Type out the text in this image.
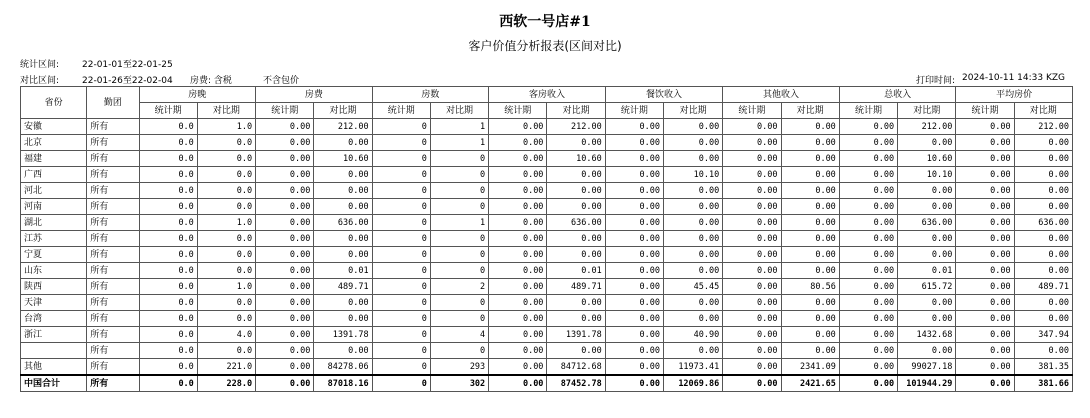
西软一号店#1
客户价值分析报表(区间对比)
统计区间:	22-01-01至22-01-25
对比区间:	22-01-26至22-02-04 房费: 含税	不含包价	打印时间: 2024-10-11 14:33 KZG
省份	勤团	房晚		房费		房数		客房收入		餐饮收入		其他收入		总收入		平均房价	
		统计期	对比期	统计期	对比期	统计期	对比期	统计期	对比期	统计期	对比期	统计期	对比期	统计期	对比期	统计期	对比期
安徽	所有	0.0	1.0	0.00	212.00	0	1	0.00	212.00	0.00	0.00	0.00	0.00	0.00	212.00	0.00	212.00
北京	所有	0.0	0.0	0.00	0.00	0	1	0.00	0.00	0.00	0.00	0.00	0.00	0.00	0.00	0.00	0.00
福建	所有	0.0	0.0	0.00	10.60	0	0	0.00	10.60	0.00	0.00	0.00	0.00	0.00	10.60	0.00	0.00
广西	所有	0.0	0.0	0.00	0.00	0	0	0.00	0.00	0.00	10.10	0.00	0.00	0.00	10.10	0.00	0.00
河北	所有	0.0	0.0	0.00	0.00	0	0	0.00	0.00	0.00	0.00	0.00	0.00	0.00	0.00	0.00	0.00
河南	所有	0.0	0.0	0.00	0.00	0	0	0.00	0.00	0.00	0.00	0.00	0.00	0.00	0.00	0.00	0.00
湖北	所有	0.0	1.0	0.00	636.00	0	1	0.00	636.00	0.00	0.00	0.00	0.00	0.00	636.00	0.00	636.00
江苏	所有	0.0	0.0	0.00	0.00	0	0	0.00	0.00	0.00	0.00	0.00	0.00	0.00	0.00	0.00	0.00
宁夏	所有	0.0	0.0	0.00	0.00	0	0	0.00	0.00	0.00	0.00	0.00	0.00	0.00	0.00	0.00	0.00
山东	所有	0.0	0.0	0.00	0.01	0	0	0.00	0.01	0.00	0.00	0.00	0.00	0.00	0.01	0.00	0.00
陕西	所有	0.0	1.0	0.00	489.71	0	2	0.00	489.71	0.00	45.45	0.00	80.56	0.00	615.72	0.00	489.71
天津	所有	0.0	0.0	0.00	0.00	0	0	0.00	0.00	0.00	0.00	0.00	0.00	0.00	0.00	0.00	0.00
台湾	所有	0.0	0.0	0.00	0.00	0	0	0.00	0.00	0.00	0.00	0.00	0.00	0.00	0.00	0.00	0.00
浙江	所有	0.0	4.0	0.00	1391.78	0	4	0.00	1391.78	0.00	40.90	0.00	0.00	0.00	1432.68	0.00	347.94
	所有	0.0	0.0	0.00	0.00	0	0	0.00	0.00	0.00	0.00	0.00	0.00	0.00	0.00	0.00	0.00
其他	所有	0.0	221.0	0.00	84278.06	0	293	0.00	84712.68	0.00	11973.41	0.00	2341.09	0.00	99027.18	0.00	381.35
中国合计	所有	0.0	228.0	0.00	87018.16	0	302	0.00	87452.78	0.00	12069.86	0.00	2421.65	0.00	101944.29	0.00	381.66
